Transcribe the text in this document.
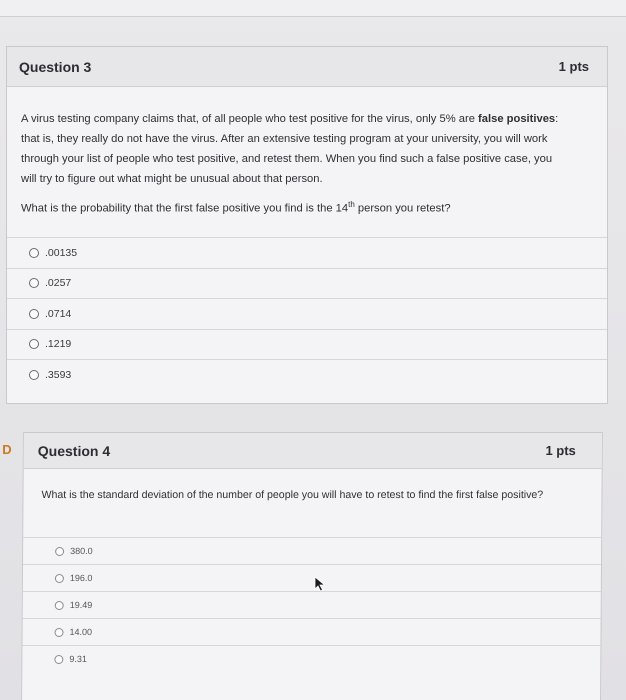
Question 3	1 pts
A virus testing company claims that, of all people who test positive for the virus, only 5% are false positives: that is, they really do not have the virus. After an extensive testing program at your university, you will work through your list of people who test positive, and retest them. When you find such a false positive case, you will try to figure out what might be unusual about that person.
What is the probability that the first false positive you find is the 14th person you retest?
.00135
.0257
.0714
.1219
.3593
D Question 4	1 pts
What is the standard deviation of the number of people you will have to retest to find the first false positive?
380.0
196.0
19.49
14.00
9.31
